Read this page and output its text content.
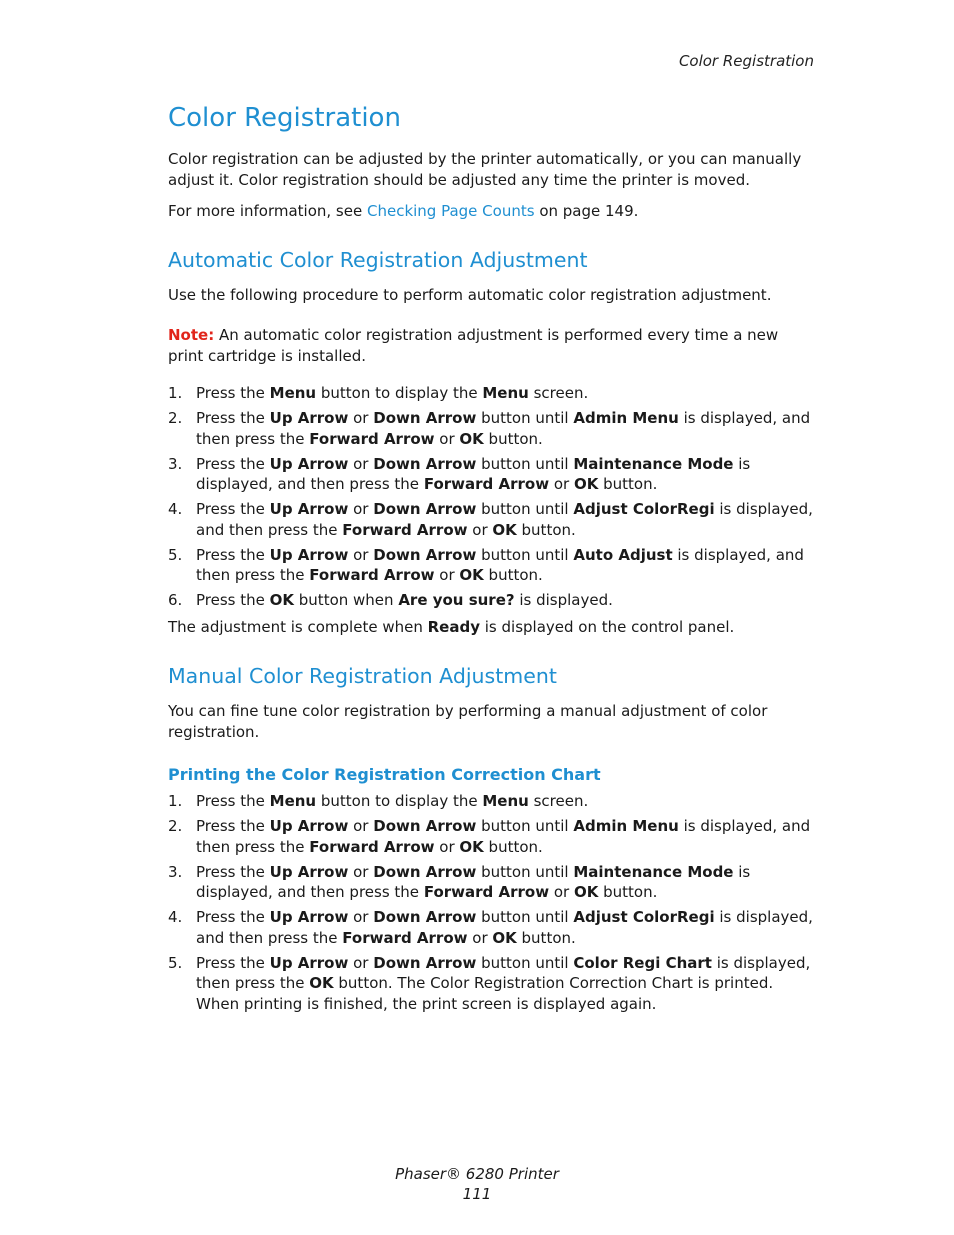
Color Registration
Color Registration

Color registration can be adjusted by the printer automatically, or you can manually adjust it. Color registration should be adjusted any time the printer is moved.

For more information, see Checking Page Counts on page 149.

Automatic Color Registration Adjustment

Use the following procedure to perform automatic color registration adjustment.

Note: An automatic color registration adjustment is performed every time a new print cartridge is installed.

1. Press the Menu button to display the Menu screen.
2. Press the Up Arrow or Down Arrow button until Admin Menu is displayed, and then press the Forward Arrow or OK button.
3. Press the Up Arrow or Down Arrow button until Maintenance Mode is displayed, and then press the Forward Arrow or OK button.
4. Press the Up Arrow or Down Arrow button until Adjust ColorRegi is displayed, and then press the Forward Arrow or OK button.
5. Press the Up Arrow or Down Arrow button until Auto Adjust is displayed, and then press the Forward Arrow or OK button.
6. Press the OK button when Are you sure? is displayed.

The adjustment is complete when Ready is displayed on the control panel.

Manual Color Registration Adjustment

You can fine tune color registration by performing a manual adjustment of color registration.

Printing the Color Registration Correction Chart
1. Press the Menu button to display the Menu screen.
2. Press the Up Arrow or Down Arrow button until Admin Menu is displayed, and then press the Forward Arrow or OK button.
3. Press the Up Arrow or Down Arrow button until Maintenance Mode is displayed, and then press the Forward Arrow or OK button.
4. Press the Up Arrow or Down Arrow button until Adjust ColorRegi is displayed, and then press the Forward Arrow or OK button.
5. Press the Up Arrow or Down Arrow button until Color Regi Chart is displayed, then press the OK button. The Color Registration Correction Chart is printed. When printing is finished, the print screen is displayed again.
Phaser® 6280 Printer
111
